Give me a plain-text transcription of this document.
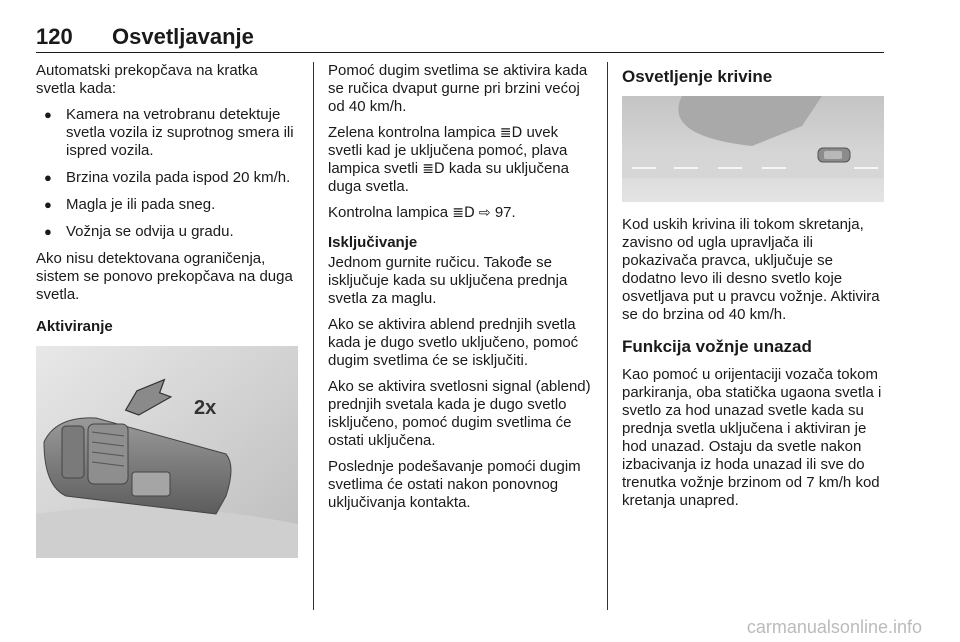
120 Osvetljavanje

Automatski prekopčava na kratka svetla kada:

● Kamera na vetrobranu detektuje svetla vozila iz suprotnog smera ili ispred vozila.
● Brzina vozila pada ispod 20 km/h.
● Magla je ili pada sneg.
● Vožnja se odvija u gradu.

Ako nisu detektovana ograničenja, sistem se ponovo prekopčava na duga svetla.

Aktiviranje
2x

Pomoć dugim svetlima se aktivira kada se ručica dvaput gurne pri brzini većoj od 40 km/h.

Zelena kontrolna lampica ≣D uvek svetli kad je uključena pomoć, plava lampica svetli ≣D kada su uključena duga svetla.

Kontrolna lampica ≣D ⇨ 97.

Isključivanje

Jednom gurnite ručicu. Takođe se isključuje kada su uključena prednja svetla za maglu.

Ako se aktivira ablend prednjih svetla kada je dugo svetlo uključeno, pomoć dugim svetlima će se isključiti.

Ako se aktivira svetlosni signal (ablend) prednjih svetala kada je dugo svetlo isključeno, pomoć dugim svetlima će ostati uključena.

Poslednje podešavanje pomoći dugim svetlima će ostati nakon ponovnog uključivanja kontakta.

Osvetljenje krivine

Kod uskih krivina ili tokom skretanja, zavisno od ugla upravljača ili pokazivača pravca, uključuje se dodatno levo ili desno svetlo koje osvetljava put u pravcu vožnje. Aktivira se do brzina od 40 km/h.

Funkcija vožnje unazad

Kao pomoć u orijentaciji vozača tokom parkiranja, oba statička ugaona svetla i svetlo za hod unazad svetle kada su prednja svetla uključena i aktiviran je hod unazad. Ostaju da svetle nakon izbacivanja iz hoda unazad ili sve do trenutka vožnje brzinom od 7 km/h kod kretanja unapred.

carmanualsonline.info
